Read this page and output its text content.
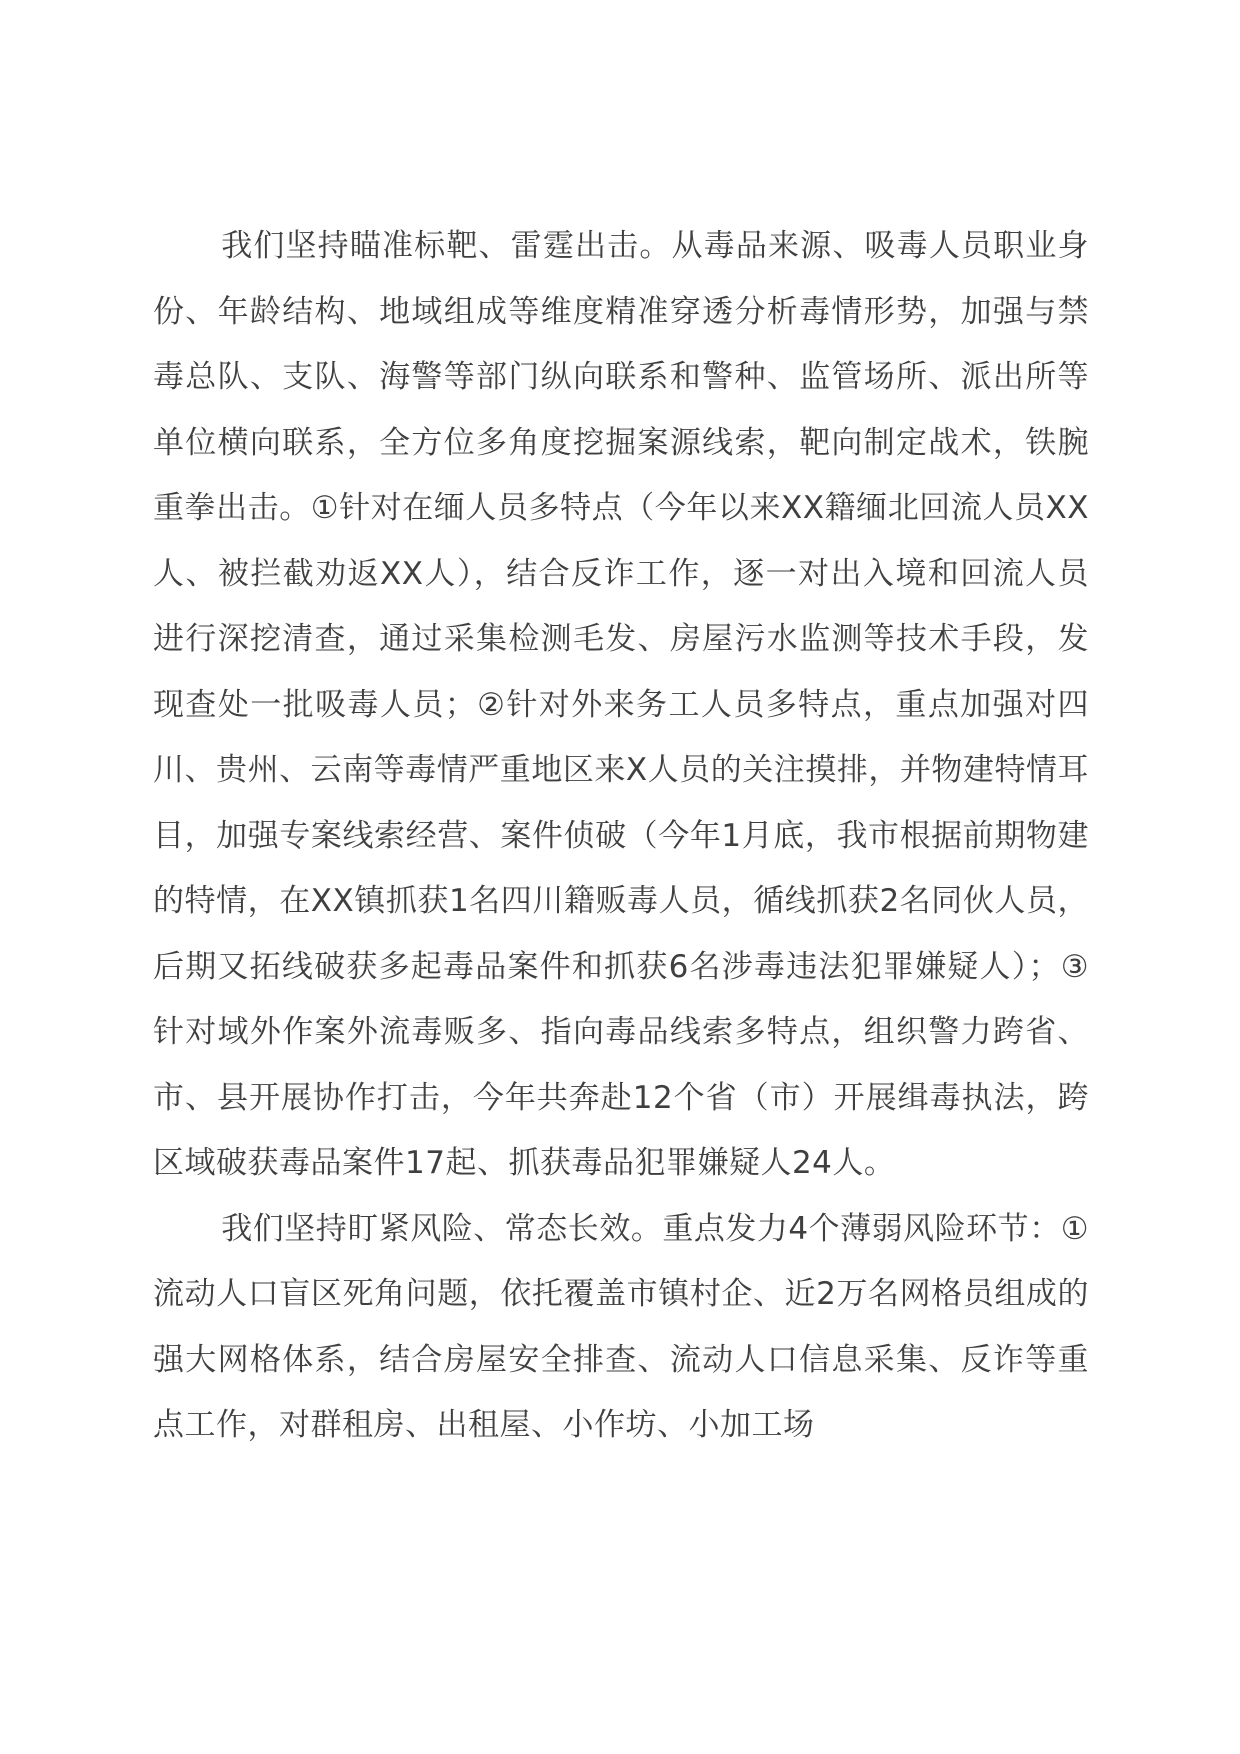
我们坚持瞄准标靶、雷霆出击。从毒品来源、吸毒人员职业身份、年龄结构、地域组成等维度精准穿透分析毒情形势，加强与禁毒总队、支队、海警等部门纵向联系和警种、监管场所、派出所等单位横向联系，全方位多角度挖掘案源线索，靶向制定战术，铁腕重拳出击。①针对在缅人员多特点（今年以来XX籍缅北回流人员XX人、被拦截劝返XX人），结合反诈工作，逐一对出入境和回流人员进行深挖清查，通过采集检测毛发、房屋污水监测等技术手段，发现查处一批吸毒人员；②针对外来务工人员多特点，重点加强对四川、贵州、云南等毒情严重地区来X人员的关注摸排，并物建特情耳目，加强专案线索经营、案件侦破（今年1月底，我市根据前期物建的特情，在XX镇抓获1名四川籍贩毒人员，循线抓获2名同伙人员，后期又拓线破获多起毒品案件和抓获6名涉毒违法犯罪嫌疑人）；③针对域外作案外流毒贩多、指向毒品线索多特点，组织警力跨省、市、县开展协作打击，今年共奔赴12个省（市）开展缉毒执法，跨区域破获毒品案件17起、抓获毒品犯罪嫌疑人24人。

我们坚持盯紧风险、常态长效。重点发力4个薄弱风险环节：①流动人口盲区死角问题，依托覆盖市镇村企、近2万名网格员组成的强大网格体系，结合房屋安全排查、流动人口信息采集、反诈等重点工作，对群租房、出租屋、小作坊、小加工场
